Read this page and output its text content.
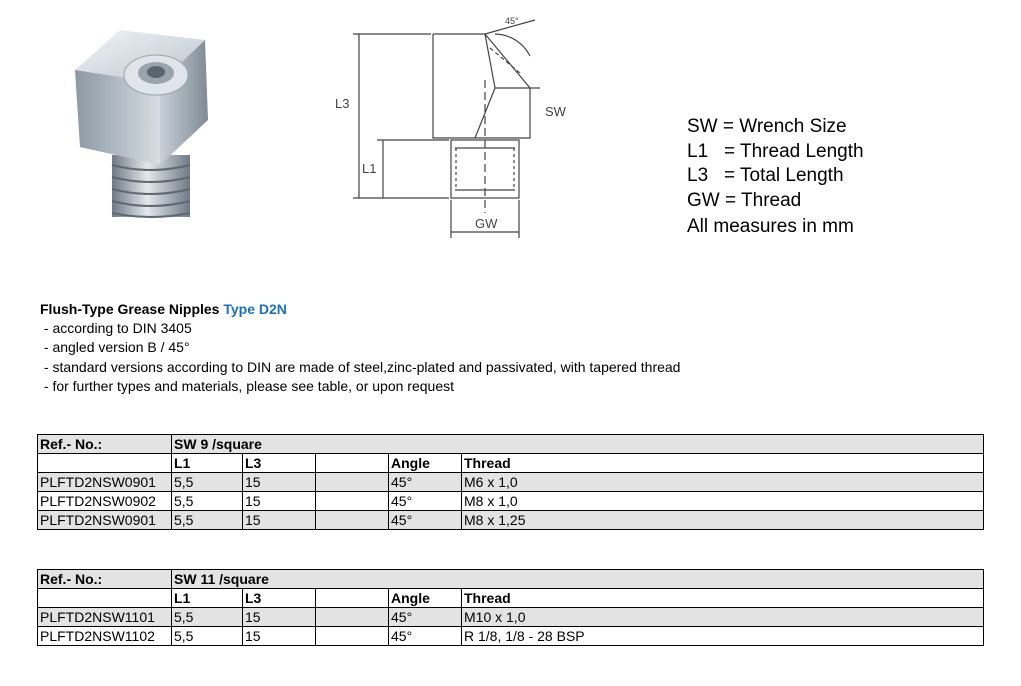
L3
L1
SW
GW
45°
SW = Wrench Size
L1   = Thread Length
L3   = Total Length
GW = Thread
All measures in mm
Flush-Type Grease Nipples Type D2N
- according to DIN 3405
- angled version B / 45°
- standard versions according to DIN are made of steel,zinc-plated and passivated, with tapered thread
- for further types and materials, please see table, or upon request
Ref.- No.:	SW 9 /square				
	L1	L3		Angle	Thread
PLFTD2NSW0901	5,5	15		45°	M6 x 1,0
PLFTD2NSW0902	5,5	15		45°	M8 x 1,0
PLFTD2NSW0901	5,5	15		45°	M8 x 1,25
Ref.- No.:	SW 11 /square				
	L1	L3		Angle	Thread
PLFTD2NSW1101	5,5	15		45°	M10 x 1,0
PLFTD2NSW1102	5,5	15		45°	R 1/8, 1/8 - 28 BSP
